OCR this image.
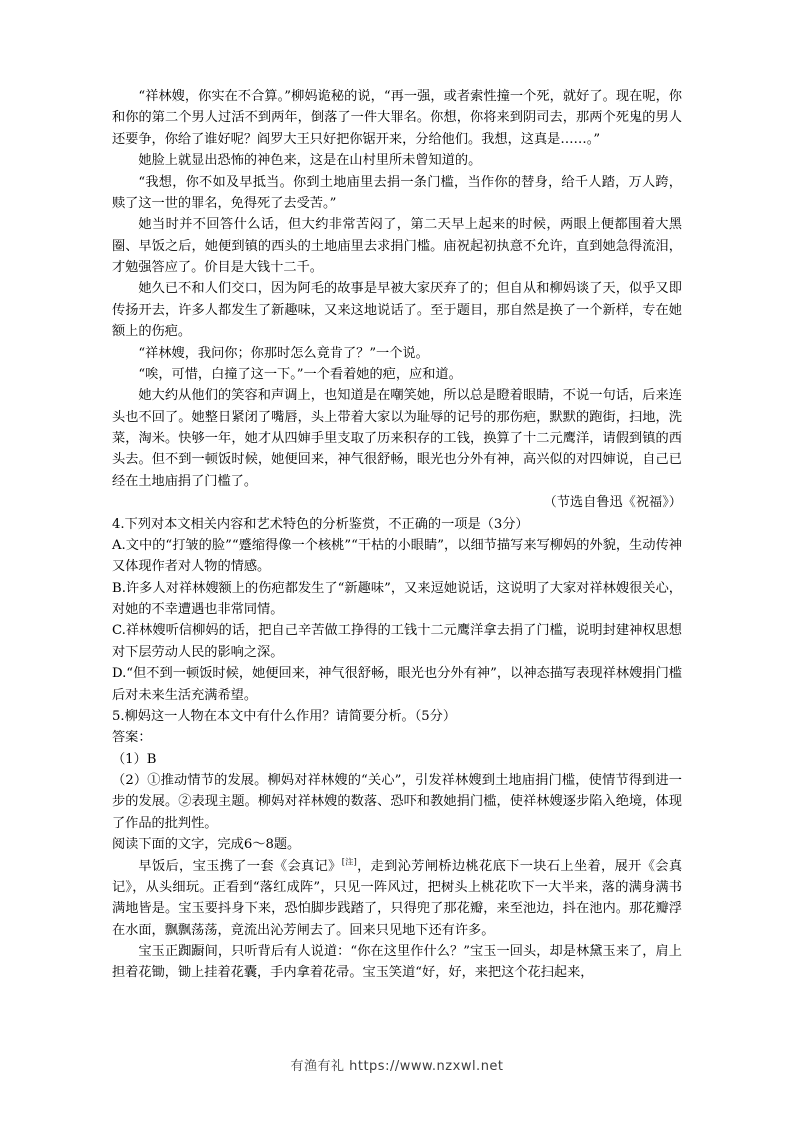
“祥林嫂，你实在不合算。”柳妈诡秘的说，“再一强，或者索性撞一个死，就好了。现在呢，你和你的第二个男人过活不到两年，倒落了一件大罪名。你想，你将来到阴司去，那两个死鬼的男人还要争，你给了谁好呢？阎罗大王只好把你锯开来，分给他们。我想，这真是……。”

她脸上就显出恐怖的神色来，这是在山村里所未曾知道的。

“我想，你不如及早抵当。你到土地庙里去捐一条门槛，当作你的替身，给千人踏，万人跨，赎了这一世的罪名，免得死了去受苦。”

她当时并不回答什么话，但大约非常苦闷了，第二天早上起来的时候，两眼上便都围着大黑圈、早饭之后，她便到镇的西头的土地庙里去求捐门槛。庙祝起初执意不允许，直到她急得流泪，才勉强答应了。价目是大钱十二千。

她久已不和人们交口，因为阿毛的故事是早被大家厌弃了的；但自从和柳妈谈了天，似乎又即传扬开去，许多人都发生了新趣味，又来这地说话了。至于题目，那自然是换了一个新样，专在她额上的伤疤。

“祥林嫂，我问你；你那时怎么竟肯了？”一个说。

“唉，可惜，白撞了这一下。”一个看着她的疤，应和道。

她大约从他们的笑容和声调上，也知道是在嘲笑她，所以总是瞪着眼睛，不说一句话，后来连头也不回了。她整日紧闭了嘴唇，头上带着大家以为耻辱的记号的那伤疤，默默的跑街，扫地，洗菜，淘米。快够一年，她才从四婶手里支取了历来积存的工钱，换算了十二元鹰洋，请假到镇的西头去。但不到一顿饭时候，她便回来，神气很舒畅，眼光也分外有神，高兴似的对四婶说，自己已经在土地庙捐了门槛了。

（节选自鲁迅《祝福》）

4.下列对本文相关内容和艺术特色的分析鉴赏，不正确的一项是（3分）

A.文中的“打皱的脸”“蹙缩得像一个核桃”“干枯的小眼睛”，以细节描写来写柳妈的外貌，生动传神又体现作者对人物的情感。

B.许多人对祥林嫂额上的伤疤都发生了“新趣味”，又来逗她说话，这说明了大家对祥林嫂很关心，对她的不幸遭遇也非常同情。

C.祥林嫂听信柳妈的话，把自己辛苦做工挣得的工钱十二元鹰洋拿去捐了门槛，说明封建神权思想对下层劳动人民的影响之深。

D.“但不到一顿饭时候，她便回来，神气很舒畅，眼光也分外有神”，以神态描写表现祥林嫂捐门槛后对未来生活充满希望。

5.柳妈这一人物在本文中有什么作用？请简要分析。（5分）

答案：

（1）B

（2）①推动情节的发展。柳妈对祥林嫂的“关心”，引发祥林嫂到土地庙捐门槛，使情节得到进一步的发展。②表现主题。柳妈对祥林嫂的数落、恐吓和教她捐门槛，使祥林嫂逐步陷入绝境，体现了作品的批判性。

阅读下面的文字，完成6～8题。

早饭后，宝玉携了一套《会真记》[注]，走到沁芳闸桥边桃花底下一块石上坐着，展开《会真记》，从头细玩。正看到“落红成阵”，只见一阵风过，把树头上桃花吹下一大半来，落的满身满书满地皆是。宝玉要抖身下来，恐怕脚步践踏了，只得兜了那花瓣，来至池边，抖在池内。那花瓣浮在水面，飘飘荡荡，竟流出沁芳闸去了。回来只见地下还有许多。

宝玉正踟蹰间，只听背后有人说道：“你在这里作什么？”宝玉一回头，却是林黛玉来了，肩上担着花锄，锄上挂着花囊，手内拿着花帚。宝玉笑道“好，好，来把这个花扫起来，

有渔有礼 https://www.nzxwl.net
